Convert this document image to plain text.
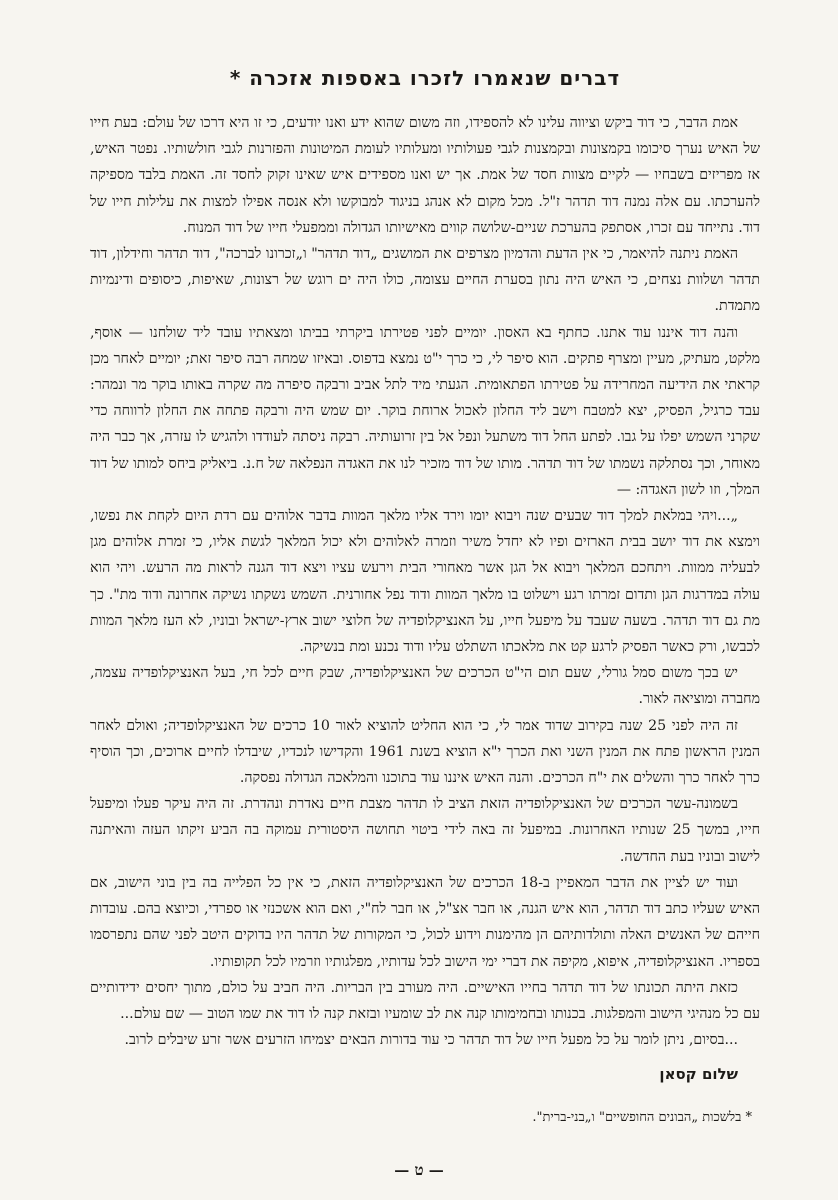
דברים שנאמרו לזכרו באספות אזכרה *

אמת הדבר, כי דוד ביקש וציווה עלינו לא להספידו, וזה משום שהוא ידע ואנו יודעים, כי זו היא דרכו של עולם: בעת חייו של האיש נערך סיכומו בקמצונות ובקמצנות לגבי פעולותיו ומעלותיו לעומת המיטונות והפזרנות לגבי חולשותיו. נפטר האיש, אז מפריזים בשבחיו — לקיים מצוות חסד של אמת. אך יש ואנו מספידים איש שאינו זקוק לחסד זה. האמת בלבד מספיקה להערכתו. עם אלה נמנה דוד תדהר ז"ל. מכל מקום לא אנהג בניגוד למבוקשו ולא אנסה אפילו למצות את עלילות חייו של דוד. נתייחד עם זכרו, אסתפק בהערכת שניים-שלושה קווים מאישיותו הגדולה וממפעלי חייו של דוד המנוח.

האמת ניתנה להיאמר, כי אין הדעת והדמיון מצרפים את המושגים „דוד תדהר" ו„זכרונו לברכה", דוד תדהר וחידלון, דוד תדהר ושלוות נצחים, כי האיש היה נתון בסערת החיים עצומה, כולו היה ים רוגש של רצונות, שאיפות, כיסופים ודינמיות מתמדת.

והנה דוד איננו עוד אתנו. כחתף בא האסון. יומיים לפני פטירתו ביקרתי בביתו ומצאתיו עובד ליד שולחנו — אוסף, מלקט, מעתיק, מעיין ומצרף פתקים. הוא סיפר לי, כי כרך י"ט נמצא בדפוס. ובאיזו שמחה רבה סיפר זאת; יומיים לאחר מכן קראתי את הידיעה המחרידה על פטירתו הפתאומית. הגעתי מיד לתל אביב ורבקה סיפרה מה שקרה באותו בוקר מר ונמהר: עבד כרגיל, הפסיק, יצא למטבח וישב ליד החלון לאכול ארוחת בוקר. יום שמש היה ורבקה פתחה את החלון לרווחה כדי שקרני השמש יפלו על גבו. לפתע החל דוד משתעל ונפל אל בין זרועותיה. רבקה ניסתה לעודדו ולהגיש לו עזרה, אך כבר היה מאוחר, וכך נסתלקה נשמתו של דוד תדהר. מותו של דוד מזכיר לנו את האגדה הנפלאה של ח.נ. ביאליק ביחס למותו של דוד המלך, וזו לשון האגדה: —

„...ויהי במלאת למלך דוד שבעים שנה ויבוא יומו וירד אליו מלאך המוות בדבר אלוהים עם רדת היום לקחת את נפשו, וימצא את דוד יושב בבית הארזים ופיו לא יחדל משיר וזמרה לאלוהים ולא יכול המלאך לגשת אליו, כי זמרת אלוהים מגן לבעליה ממוות. ויתחכם המלאך ויבוא אל הגן אשר מאחורי הבית וירעש עציו ויצא דוד הגנה לראות מה הרעש. ויהי הוא עולה במדרגות הגן ותדום זמרתו רגע וישלוט בו מלאך המוות ודוד נפל אחורנית. השמש נשקתו נשיקה אחרונה ודוד מת". כך מת גם דוד תדהר. בשעה שעבד על מיפעל חייו, על האנציקלופדיה של חלוצי ישוב ארץ-ישראל ובוניו, לא העז מלאך המוות לכבשו, ורק כאשר הפסיק לרגע קט את מלאכתו השתלט עליו ודוד נכנע ומת בנשיקה.

יש בכך משום סמל גורלי, שעם תום הי"ט הכרכים של האנציקלופדיה, שבק חיים לכל חי, בעל האנציקלופדיה עצמה, מחברה ומוציאה לאור.

זה היה לפני 25 שנה בקירוב שדוד אמר לי, כי הוא החליט להוציא לאור 10 כרכים של האנציקלופדיה; ואולם לאחר המנין הראשון פתח את המנין השני ואת הכרך י"א הוציא בשנת 1961 והקדישו לנכדיו, שיבדלו לחיים ארוכים, וכך הוסיף כרך לאחר כרך והשלים את י"ח הכרכים. והנה האיש איננו עוד בתוכנו והמלאכה הגדולה נפסקה.

בשמונה-עשר הכרכים של האנציקלופדיה הזאת הציב לו תדהר מצבת חיים נאדרת ונהדרת. זה היה עיקר פעלו ומיפעל חייו, במשך 25 שנותיו האחרונות. במיפעל זה באה לידי ביטוי תחושה היסטורית עמוקה בה הביע זיקתו העזה והאיתנה לישוב ובוניו בעת החדשה.

ועוד יש לציין את הדבר המאפיין ב-18 הכרכים של האנציקלופדיה הזאת, כי אין כל הפלייה בה בין בוני הישוב, אם האיש שעליו כתב דוד תדהר, הוא איש הגנה, או חבר אצ"ל, או חבר לח"י, ואם הוא אשכנזי או ספרדי, וכיוצא בהם. עובדות חייהם של האנשים האלה ותולדותיהם הן מהימנות וידוע לכול, כי המקורות של תדהר היו בדוקים היטב לפני שהם נתפרסמו בספריו. האנציקלופדיה, איפוא, מקיפה את דברי ימי הישוב לכל עדותיו, מפלגותיו וזרמיו לכל תקופותיו.

כזאת היתה תכונתו של דוד תדהר בחייו האישיים. היה מעורב בין הבריות. היה חביב על כולם, מתוך יחסים ידידותיים עם כל מנהיגי הישוב והמפלגות. בכנותו ובחמימותו קנה את לב שומעיו ובזאת קנה לו דוד את שמו הטוב — שם עולם...

...בסיום, ניתן לומר על כל מפעל חייו של דוד תדהר כי עוד בדורות הבאים יצמיחו הזרעים אשר זרע שיבלים לרוב.

שלום קסאן
* בלשכות „הבונים החופשיים" ו„בני-ברית".
— ט —
